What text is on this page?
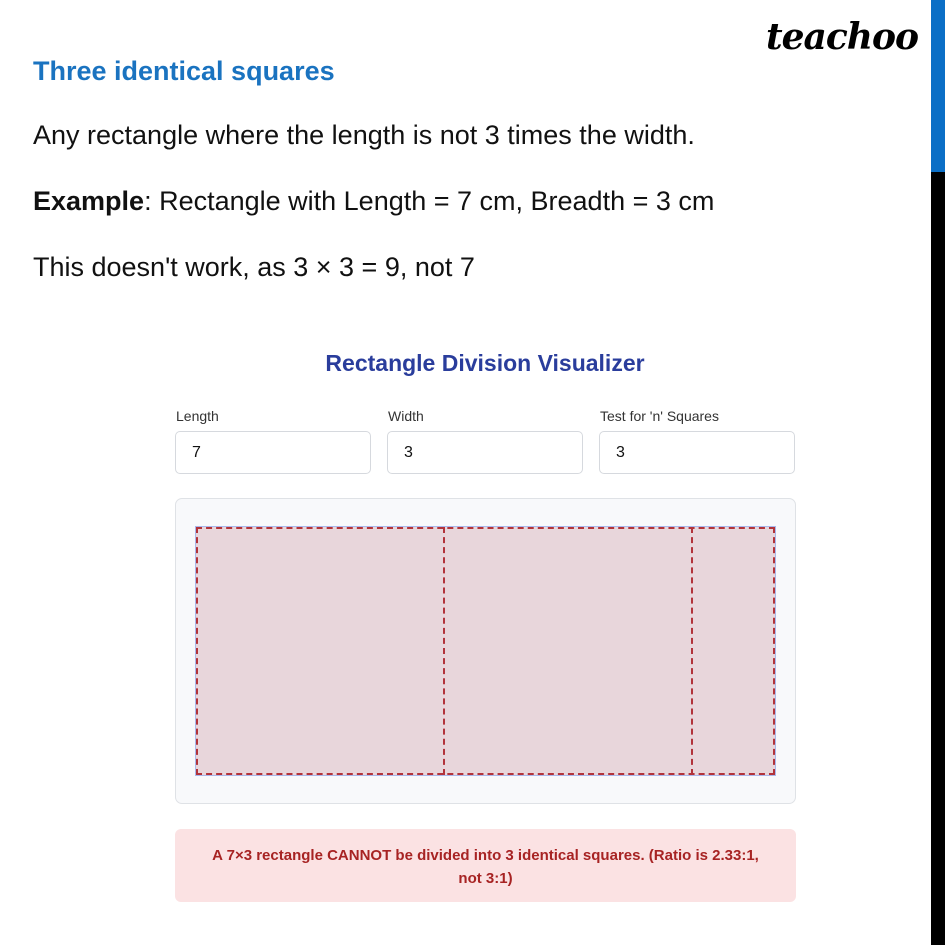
teachoo
Three identical squares
Any rectangle where the length is not 3 times the width.
Example: Rectangle with Length = 7 cm, Breadth = 3 cm
This doesn't work, as 3 × 3 = 9, not 7
Rectangle Division Visualizer
Length	Width	Test for 'n' Squares
7	3	3
A 7×3 rectangle CANNOT be divided into 3 identical squares. (Ratio is 2.33:1, not 3:1)
